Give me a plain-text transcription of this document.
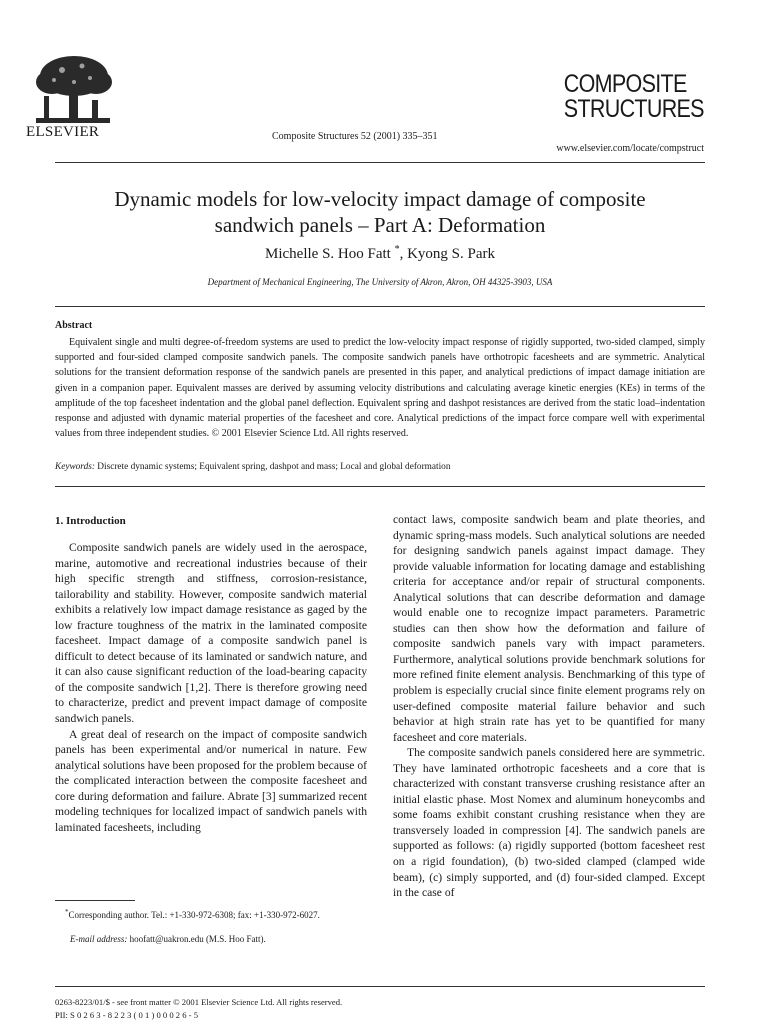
ELSEVIER	Composite Structures 52 (2001) 335–351
COMPOSITE
STRUCTURES
www.elsevier.com/locate/compstruct
Dynamic models for low-velocity impact damage of composite
sandwich panels – Part A: Deformation
Michelle S. Hoo Fatt *, Kyong S. Park
Department of Mechanical Engineering, The University of Akron, Akron, OH 44325-3903, USA
Abstract
Equivalent single and multi degree-of-freedom systems are used to predict the low-velocity impact response of rigidly supported, two-sided clamped, simply supported and four-sided clamped composite sandwich panels. The composite sandwich panels have orthotropic facesheets and are symmetric. Analytical solutions for the transient deformation response of the sandwich panels are presented in this paper, and analytical predictions of impact damage initiation are given in a companion paper. Equivalent masses are derived by assuming velocity distributions and calculating average kinetic energies (KEs) in terms of the amplitude of the top facesheet indentation and the global panel deflection. Equivalent spring and dashpot resistances are derived from the static load–indentation response and adjusted with dynamic material properties of the facesheet and core. Analytical predictions of the impact force compare well with experimental values from three independent studies. © 2001 Elsevier Science Ltd. All rights reserved.
Keywords: Discrete dynamic systems; Equivalent spring, dashpot and mass; Local and global deformation
1. Introduction

Composite sandwich panels are widely used in the aerospace, marine, automotive and recreational industries because of their high specific strength and stiffness, corrosion-resistance, tailorability and stability. However, composite sandwich material exhibits a relatively low impact damage resistance as gaged by the low fracture toughness of the matrix in the laminated composite facesheet. Impact damage of a composite sandwich panel is difficult to detect because of its laminated or sandwich nature, and it can also cause significant reduction of the load-bearing capacity of the composite sandwich [1,2]. There is therefore growing need to characterize, predict and prevent impact damage of composite sandwich panels.

A great deal of research on the impact of composite sandwich panels has been experimental and/or numerical in nature. Few analytical solutions have been proposed for the problem because of the complicated interaction between the composite facesheet and core during deformation and failure. Abrate [3] summarized recent modeling techniques for localized impact of sandwich panels with laminated facesheets, including

contact laws, composite sandwich beam and plate theories, and dynamic spring-mass models. Such analytical solutions are needed for designing sandwich panels against impact damage. They provide valuable information for locating damage and establishing criteria for acceptance and/or repair of structural components. Analytical solutions that can describe deformation and damage would enable one to recognize impact parameters. Parametric studies can then show how the deformation and failure of composite sandwich panels vary with impact parameters. Furthermore, analytical solutions provide benchmark solutions for more refined finite element analysis. Benchmarking of this type of problem is especially crucial since finite element programs rely on user-defined composite material failure behavior and such behavior at high strain rate has yet to be quantified for many facesheet and core materials.

The composite sandwich panels considered here are symmetric. They have laminated orthotropic facesheets and a core that is characterized with constant transverse crushing resistance after an initial elastic phase. Most Nomex and aluminum honeycombs and some foams exhibit constant crushing resistance when they are transversely loaded in compression [4]. The sandwich panels are supported as follows: (a) rigidly supported (bottom facesheet rest on a rigid foundation), (b) two-sided clamped (clamped wide beam), (c) simply supported, and (d) four-sided clamped. Except in the case of

*Corresponding author. Tel.: +1-330-972-6308; fax: +1-330-972-6027.
E-mail address: hoofatt@uakron.edu (M.S. Hoo Fatt).
0263-8223/01/$ - see front matter © 2001 Elsevier Science Ltd. All rights reserved.
PII: S 0 2 6 3 - 8 2 2 3 ( 0 1 ) 0 0 0 2 6 - 5
